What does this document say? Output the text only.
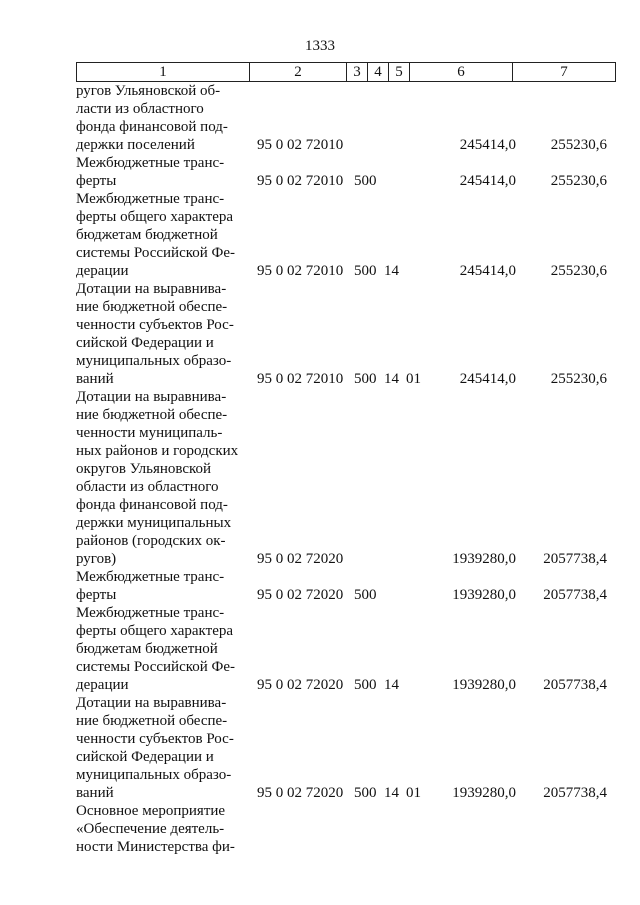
1333
1	2	3	4	5	6	7
ругов Ульяновской об-
ласти из областного
фонда финансовой под-
держки поселений	95 0 02 72010	245414,0 255230,6
Межбюджетные транс-
ферты	95 0 02 72010 500	245414,0 255230,6
Межбюджетные транс-
ферты общего характера
бюджетам бюджетной
системы Российской Фе-
дерации	95 0 02 72010 500 14	245414,0 255230,6
Дотации на выравнива-
ние бюджетной обеспе-
ченности субъектов Рос-
сийской Федерации и
муниципальных образо-
ваний	95 0 02 72010 500 14 01	245414,0 255230,6
Дотации на выравнива-
ние бюджетной обеспе-
ченности муниципаль-
ных районов и городских
округов Ульяновской
области из областного
фонда финансовой под-
держки муниципальных
районов (городских ок-
ругов)	95 0 02 72020	1939280,0 2057738,4
Межбюджетные транс-
ферты	95 0 02 72020 500	1939280,0 2057738,4
Межбюджетные транс-
ферты общего характера
бюджетам бюджетной
системы Российской Фе-
дерации	95 0 02 72020 500 14	1939280,0 2057738,4
Дотации на выравнива-
ние бюджетной обеспе-
ченности субъектов Рос-
сийской Федерации и
муниципальных образо-
ваний	95 0 02 72020 500 14 01 1939280,0 2057738,4
Основное мероприятие
«Обеспечение деятель-
ности Министерства фи-
